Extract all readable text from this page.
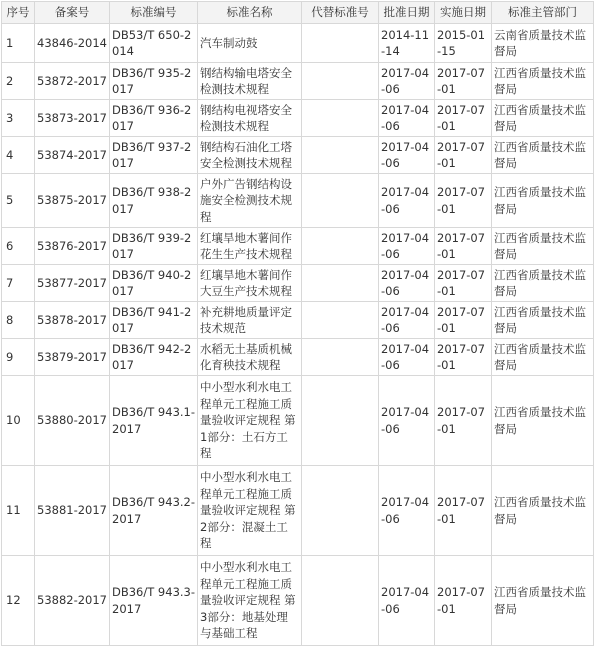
序号	备案号	标准编号	标准名称	代替标准号	批准日期	实施日期	标准主管部门
1	43846-2014	DB53/T 650-2014	汽车制动鼓		2014-11-14	2015-01-15	云南省质量技术监督局
2	53872-2017	DB36/T 935-2017	钢结构输电塔安全检测技术规程		2017-04-06	2017-07-01	江西省质量技术监督局
3	53873-2017	DB36/T 936-2017	钢结构电视塔安全检测技术规程		2017-04-06	2017-07-01	江西省质量技术监督局
4	53874-2017	DB36/T 937-2017	钢结构石油化工塔安全检测技术规程		2017-04-06	2017-07-01	江西省质量技术监督局
5	53875-2017	DB36/T 938-2017	户外广告钢结构设施安全检测技术规程		2017-04-06	2017-07-01	江西省质量技术监督局
6	53876-2017	DB36/T 939-2017	红壤旱地木薯间作花生生产技术规程		2017-04-06	2017-07-01	江西省质量技术监督局
7	53877-2017	DB36/T 940-2017	红壤旱地木薯间作大豆生产技术规程		2017-04-06	2017-07-01	江西省质量技术监督局
8	53878-2017	DB36/T 941-2017	补充耕地质量评定技术规范		2017-04-06	2017-07-01	江西省质量技术监督局
9	53879-2017	DB36/T 942-2017	水稻无土基质机械化育秧技术规程		2017-04-06	2017-07-01	江西省质量技术监督局
10	53880-2017	DB36/T 943.1-2017	中小型水利水电工程单元工程施工质量验收评定规程 第1部分：土石方工程		2017-04-06	2017-07-01	江西省质量技术监督局
11	53881-2017	DB36/T 943.2-2017	中小型水利水电工程单元工程施工质量验收评定规程 第2部分：混凝土工程		2017-04-06	2017-07-01	江西省质量技术监督局
12	53882-2017	DB36/T 943.3-2017	中小型水利水电工程单元工程施工质量验收评定规程 第3部分：地基处理与基础工程		2017-04-06	2017-07-01	江西省质量技术监督局
